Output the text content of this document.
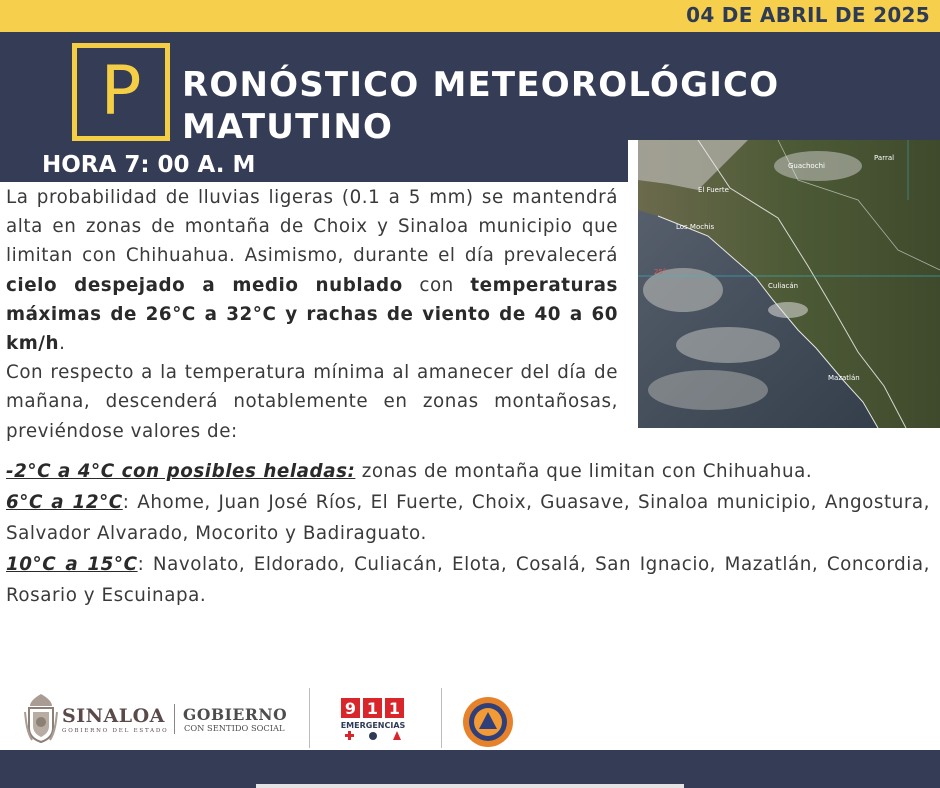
04 DE ABRIL DE 2025
P	RONÓSTICO METEOROLÓGICO
MATUTINO
HORA 7: 00 A. M	Guachochi
Parral
El Fuerte
Los Mochis
Culiacán
Mazatlán
25°

La probabilidad de lluvias ligeras (0.1 a 5 mm) se mantendrá alta en zonas de montaña de Choix y Sinaloa municipio que limitan con Chihuahua. Asimismo, durante el día prevalecerá cielo despejado a medio nublado con temperaturas máximas de 26°C a 32°C y rachas de viento de 40 a 60 km/h.

Con respecto a la temperatura mínima al amanecer del día de mañana, descenderá notablemente en zonas montañosas, previéndose valores de:

-2°C a 4°C con posibles heladas: zonas de montaña que limitan con Chihuahua.

6°C a 12°C: Ahome, Juan José Ríos, El Fuerte, Choix, Guasave, Sinaloa municipio, Angostura, Salvador Alvarado, Mocorito y Badiraguato.

10°C a 15°C: Navolato, Eldorado, Culiacán, Elota, Cosalá, San Ignacio, Mazatlán, Concordia, Rosario y Escuinapa.

SINALOA
GOBIERNO DEL ESTADO
GOBIERNO
CON SENTIDO SOCIAL
9 1 1
EMERGENCIAS
